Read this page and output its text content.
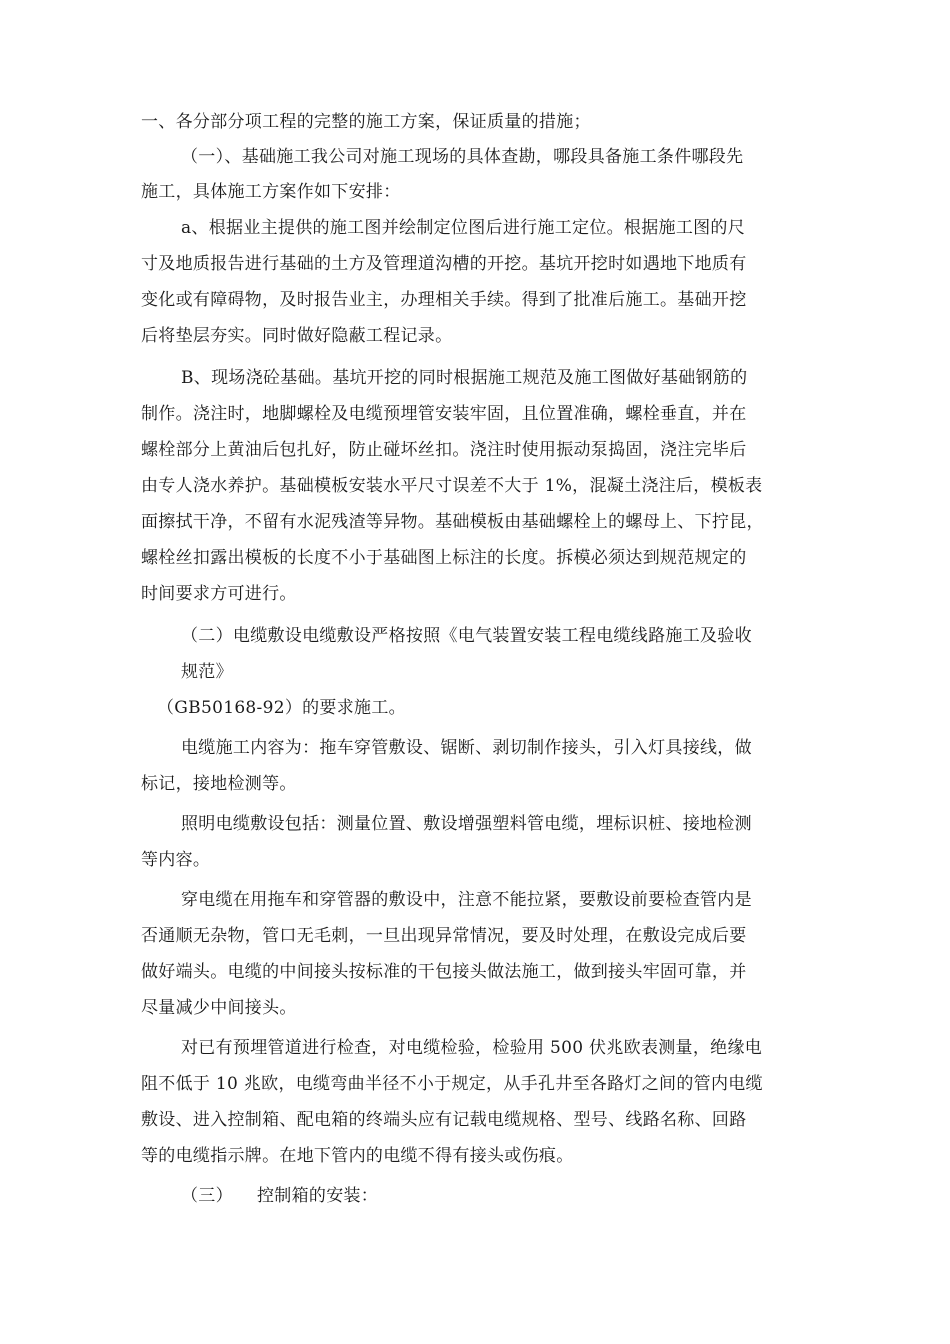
一、各分部分项工程的完整的施工方案，保证质量的措施；
（一）、基础施工我公司对施工现场的具体查勘，哪段具备施工条件哪段先
施工，具体施工方案作如下安排：
a、根据业主提供的施工图并绘制定位图后进行施工定位。根据施工图的尺
寸及地质报告进行基础的土方及管理道沟槽的开挖。基坑开挖时如遇地下地质有
变化或有障碍物，及时报告业主，办理相关手续。得到了批准后施工。基础开挖
后将垫层夯实。同时做好隐蔽工程记录。
B、现场浇砼基础。基坑开挖的同时根据施工规范及施工图做好基础钢筋的
制作。浇注时，地脚螺栓及电缆预埋管安装牢固，且位置准确，螺栓垂直，并在
螺栓部分上黄油后包扎好，防止碰坏丝扣。浇注时使用振动泵捣固，浇注完毕后
由专人浇水养护。基础模板安装水平尺寸误差不大于 1%，混凝土浇注后，模板表
面擦拭干净，不留有水泥残渣等异物。基础模板由基础螺栓上的螺母上、下拧昆，
螺栓丝扣露出模板的长度不小于基础图上标注的长度。拆模必须达到规范规定的
时间要求方可进行。
（二）电缆敷设电缆敷设严格按照《电气装置安装工程电缆线路施工及验收
规范》
（GB50168-92）的要求施工。
电缆施工内容为：拖车穿管敷设、锯断、剥切制作接头，引入灯具接线，做
标记，接地检测等。
照明电缆敷设包括：测量位置、敷设增强塑料管电缆，埋标识桩、接地检测
等内容。
穿电缆在用拖车和穿管器的敷设中，注意不能拉紧，要敷设前要检查管内是
否通顺无杂物，管口无毛刺，一旦出现异常情况，要及时处理，在敷设完成后要
做好端头。电缆的中间接头按标准的干包接头做法施工，做到接头牢固可靠，并
尽量减少中间接头。
对已有预埋管道进行检查，对电缆检验，检验用 500 伏兆欧表测量，绝缘电
阻不低于 10 兆欧，电缆弯曲半径不小于规定，从手孔井至各路灯之间的管内电缆
敷设、进入控制箱、配电箱的终端头应有记载电缆规格、型号、线路名称、回路
等的电缆指示牌。在地下管内的电缆不得有接头或伤痕。
（三） 控制箱的安装：
